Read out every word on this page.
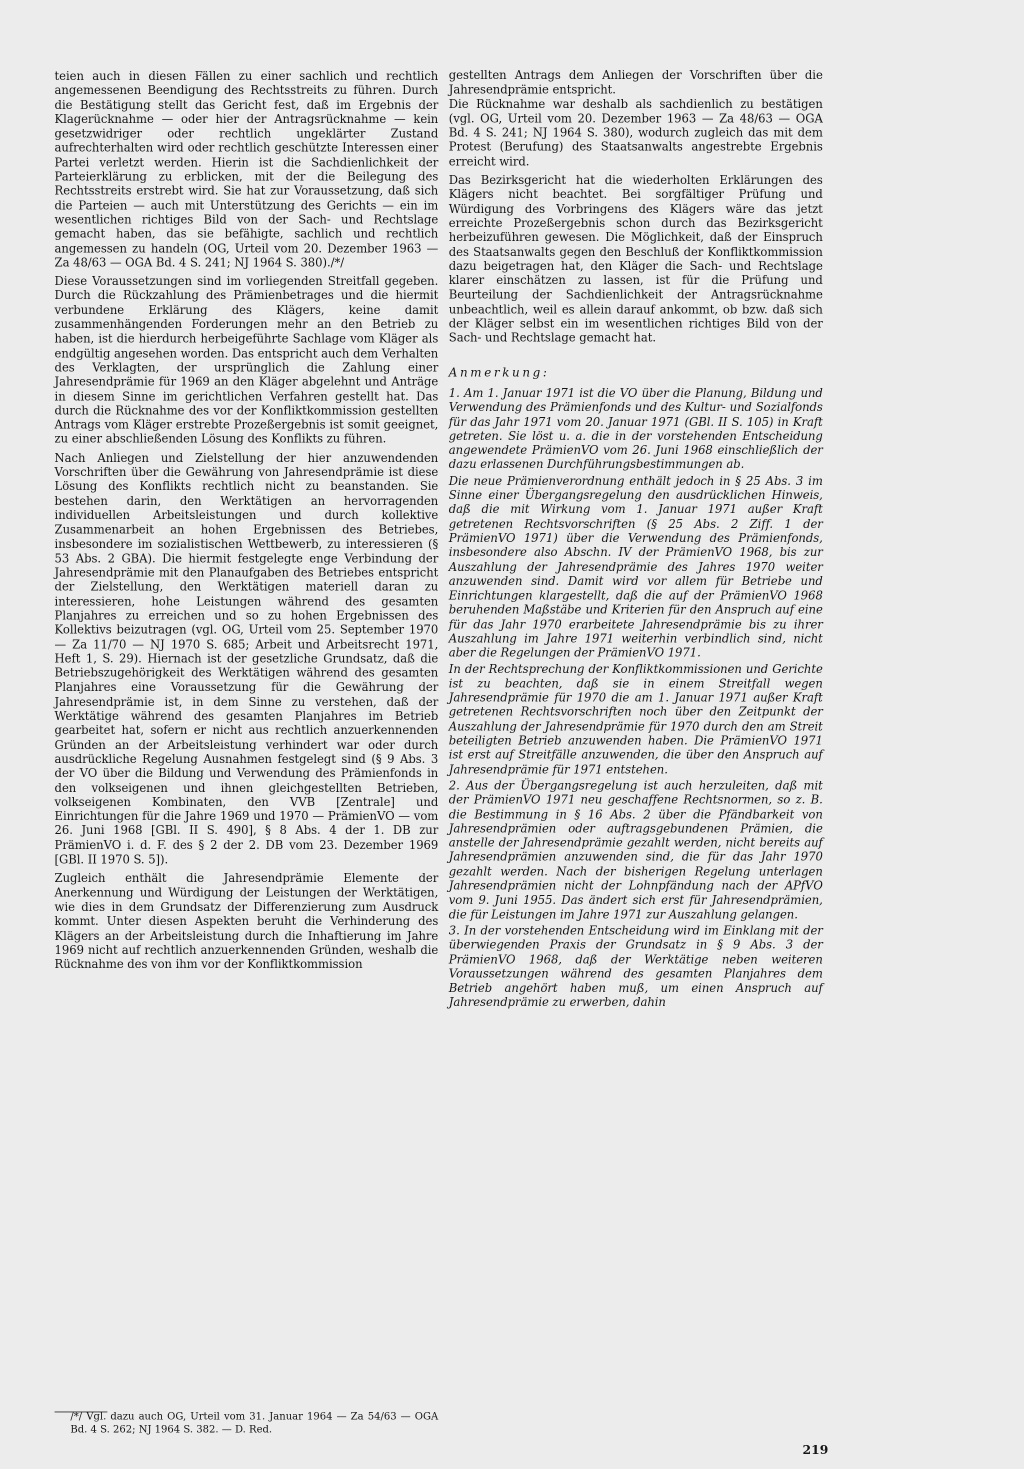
teien auch in diesen Fällen zu einer sachlich und rechtlich angemessenen Beendigung des Rechtsstreits zu führen. Durch die Bestätigung stellt das Gericht fest, daß im Ergebnis der Klagerücknahme — oder hier der Antragsrücknahme — kein gesetzwidriger oder rechtlich ungeklärter Zustand aufrechterhalten wird oder rechtlich geschützte Interessen einer Partei verletzt werden. Hierin ist die Sachdienlichkeit der Parteierklärung zu erblicken, mit der die Beilegung des Rechtsstreits erstrebt wird. Sie hat zur Voraussetzung, daß sich die Parteien — auch mit Unterstützung des Gerichts — ein im wesentlichen richtiges Bild von der Sach- und Rechtslage gemacht haben, das sie befähigte, sachlich und rechtlich angemessen zu handeln (OG, Urteil vom 20. Dezember 1963 — Za 48/63 — OGA Bd. 4 S. 241; NJ 1964 S. 380)./*/

Diese Voraussetzungen sind im vorliegenden Streitfall gegeben. Durch die Rückzahlung des Prämienbetrages und die hiermit verbundene Erklärung des Klägers, keine damit zusammenhängenden Forderungen mehr an den Betrieb zu haben, ist die hierdurch herbeigeführte Sachlage vom Kläger als endgültig angesehen worden. Das entspricht auch dem Verhalten des Verklagten, der ursprünglich die Zahlung einer Jahresendprämie für 1969 an den Kläger abgelehnt und Anträge in diesem Sinne im gerichtlichen Verfahren gestellt hat. Das durch die Rücknahme des vor der Konfliktkommission gestellten Antrags vom Kläger erstrebte Prozeßergebnis ist somit geeignet, zu einer abschließenden Lösung des Konflikts zu führen.

Nach Anliegen und Zielstellung der hier anzuwendenden Vorschriften über die Gewährung von Jahresendprämie ist diese Lösung des Konflikts rechtlich nicht zu beanstanden. Sie bestehen darin, den Werktätigen an hervorragenden individuellen Arbeitsleistungen und durch kollektive Zusammenarbeit an hohen Ergebnissen des Betriebes, insbesondere im sozialistischen Wettbewerb, zu interessieren (§ 53 Abs. 2 GBA). Die hiermit festgelegte enge Verbindung der Jahresendprämie mit den Planaufgaben des Betriebes entspricht der Zielstellung, den Werktätigen materiell daran zu interessieren, hohe Leistungen während des gesamten Planjahres zu erreichen und so zu hohen Ergebnissen des Kollektivs beizutragen (vgl. OG, Urteil vom 25. September 1970 — Za 11/70 — NJ 1970 S. 685; Arbeit und Arbeitsrecht 1971, Heft 1, S. 29). Hiernach ist der gesetzliche Grundsatz, daß die Betriebszugehörigkeit des Werktätigen während des gesamten Planjahres eine Voraussetzung für die Gewährung der Jahresendprämie ist, in dem Sinne zu verstehen, daß der Werktätige während des gesamten Planjahres im Betrieb gearbeitet hat, sofern er nicht aus rechtlich anzuerkennenden Gründen an der Arbeitsleistung verhindert war oder durch ausdrückliche Regelung Ausnahmen festgelegt sind (§ 9 Abs. 3 der VO über die Bildung und Verwendung des Prämienfonds in den volkseigenen und ihnen gleichgestellten Betrieben, volkseigenen Kombinaten, den VVB [Zentrale] und Einrichtungen für die Jahre 1969 und 1970 — PrämienVO — vom 26. Juni 1968 [GBl. II S. 490], § 8 Abs. 4 der 1. DB zur PrämienVO i. d. F. des § 2 der 2. DB vom 23. Dezember 1969 [GBl. II 1970 S. 5]).

Zugleich enthält die Jahresendprämie Elemente der Anerkennung und Würdigung der Leistungen der Werktätigen, wie dies in dem Grundsatz der Differenzierung zum Ausdruck kommt. Unter diesen Aspekten beruht die Verhinderung des Klägers an der Arbeitsleistung durch die Inhaftierung im Jahre 1969 nicht auf rechtlich anzuerkennenden Gründen, weshalb die Rücknahme des von ihm vor der Konfliktkommission

/*/ Vgl. dazu auch OG, Urteil vom 31. Januar 1964 — Za 54/63 — OGA Bd. 4 S. 262; NJ 1964 S. 382. — D. Red.

gestellten Antrags dem Anliegen der Vorschriften über die Jahresendprämie entspricht.

Die Rücknahme war deshalb als sachdienlich zu bestätigen (vgl. OG, Urteil vom 20. Dezember 1963 — Za 48/63 — OGA Bd. 4 S. 241; NJ 1964 S. 380), wodurch zugleich das mit dem Protest (Berufung) des Staatsanwalts angestrebte Ergebnis erreicht wird.

Das Bezirksgericht hat die wiederholten Erklärungen des Klägers nicht beachtet. Bei sorgfältiger Prüfung und Würdigung des Vorbringens des Klägers wäre das jetzt erreichte Prozeßergebnis schon durch das Bezirksgericht herbeizuführen gewesen. Die Möglichkeit, daß der Einspruch des Staatsanwalts gegen den Beschluß der Konfliktkommission dazu beigetragen hat, den Kläger die Sach- und Rechtslage klarer einschätzen zu lassen, ist für die Prüfung und Beurteilung der Sachdienlichkeit der Antragsrücknahme unbeachtlich, weil es allein darauf ankommt, ob bzw. daß sich der Kläger selbst ein im wesentlichen richtiges Bild von der Sach- und Rechtslage gemacht hat.

Anmerkung:

1. Am 1. Januar 1971 ist die VO über die Planung, Bildung und Verwendung des Prämienfonds und des Kultur- und Sozialfonds für das Jahr 1971 vom 20. Januar 1971 (GBl. II S. 105) in Kraft getreten. Sie löst u. a. die in der vorstehenden Entscheidung angewendete PrämienVO vom 26. Juni 1968 einschließlich der dazu erlassenen Durchführungsbestimmungen ab.

Die neue Prämienverordnung enthält jedoch in § 25 Abs. 3 im Sinne einer Übergangsregelung den ausdrücklichen Hinweis, daß die mit Wirkung vom 1. Januar 1971 außer Kraft getretenen Rechtsvorschriften (§ 25 Abs. 2 Ziff. 1 der PrämienVO 1971) über die Verwendung des Prämienfonds, insbesondere also Abschn. IV der PrämienVO 1968, bis zur Auszahlung der Jahresendprämie des Jahres 1970 weiter anzuwenden sind. Damit wird vor allem für Betriebe und Einrichtungen klargestellt, daß die auf der PrämienVO 1968 beruhenden Maßstäbe und Kriterien für den Anspruch auf eine für das Jahr 1970 erarbeitete Jahresendprämie bis zu ihrer Auszahlung im Jahre 1971 weiterhin verbindlich sind, nicht aber die Regelungen der PrämienVO 1971.

In der Rechtsprechung der Konfliktkommissionen und Gerichte ist zu beachten, daß sie in einem Streitfall wegen Jahresendprämie für 1970 die am 1. Januar 1971 außer Kraft getretenen Rechtsvorschriften noch über den Zeitpunkt der Auszahlung der Jahresendprämie für 1970 durch den am Streit beteiligten Betrieb anzuwenden haben. Die PrämienVO 1971 ist erst auf Streitfälle anzuwenden, die über den Anspruch auf Jahresendprämie für 1971 entstehen.

2. Aus der Übergangsregelung ist auch herzuleiten, daß mit der PrämienVO 1971 neu geschaffene Rechtsnormen, so z. B. die Bestimmung in § 16 Abs. 2 über die Pfändbarkeit von Jahresendprämien oder auftragsgebundenen Prämien, die anstelle der Jahresendprämie gezahlt werden, nicht bereits auf Jahresendprämien anzuwenden sind, die für das Jahr 1970 gezahlt werden. Nach der bisherigen Regelung unterlagen Jahresendprämien nicht der Lohnpfändung nach der APfVO vom 9. Juni 1955. Das ändert sich erst für Jahresendprämien, die für Leistungen im Jahre 1971 zur Auszahlung gelangen.

3. In der vorstehenden Entscheidung wird im Einklang mit der überwiegenden Praxis der Grundsatz in § 9 Abs. 3 der PrämienVO 1968, daß der Werktätige neben weiteren Voraussetzungen während des gesamten Planjahres dem Betrieb angehört haben muß, um einen Anspruch auf Jahresendprämie zu erwerben, dahin

219
